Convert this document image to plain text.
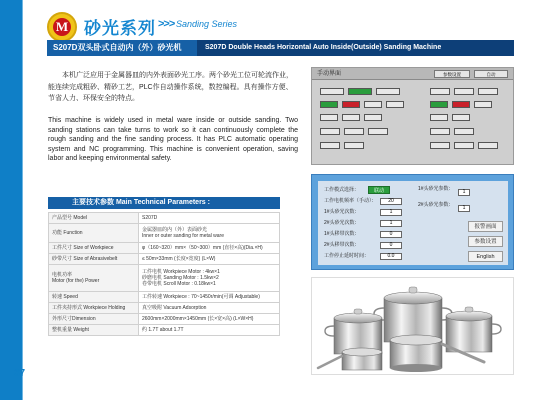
37
M 砂光系列 >>> Sanding Series
S207D双头卧式自动内（外）砂光机	S207D Double Heads Horizontal Auto Inside(Outside) Sanding Machine
本机广泛应用于金属器皿的内外表面砂光工序。两个砂光工位可轮流作业，能连续完成粗砂、精砂工艺，PLC作自动操作系统，数控编程。具有操作方便、节省人力、环保安全的特点。
This machine is widely used in metal ware inside or outside sanding. Two sanding stations can take turns to work so it can continuously complete the rough sanding and the fine sanding process. It has PLC automatic operating system and NC programming. This machine is convenient operation, saving labor and keeping environmental safety.
主要技术参数 Main Technical Parameters :
产品型号 Model	S207D
功能 Function	金属器皿的内（外）表面砂光
Inner or outer sanding for metal ware
工件尺寸 Size of Workpiece	φ（160~320）mm×（50~300）mm (直径×高)(Dia.×H)
砂带尺寸 Size of Abrasivebelt	≤ 50m×33mm (长度×宽度) (L×W)
电机功率
Motor (for the) Power	工件电机 Workpiece Motor : 4kw×1
砂磨电机 Sanding Motor : 1.5kw×2
卷带电机 Scroll Motor : 0.18kw×1
转速 Speed	工件转速 Workpiece : 70~1450r/min(可调 Adjustable)
工件夹持形式 Workpiece Holding	真空吸附 Vacuum Adsorption
外形尺寸Dimension	2600mm×2000mm×1450mm (长×宽×高) (L×W×H)
整机重量 Weight	约 1.7T about 1.7T
手动界面	参数设置	自动
工作模式选择：	联动	1#头砂光参数：	1
2#头砂光参数：	1
报警画面
参数设置
English
工作电机频率（手动）：	20
1#头砂光次数：	1
2#头砂光次数：	1
1#头移带次数：	0
2#头移带次数：	0
工作停止延时时间：	0.0
